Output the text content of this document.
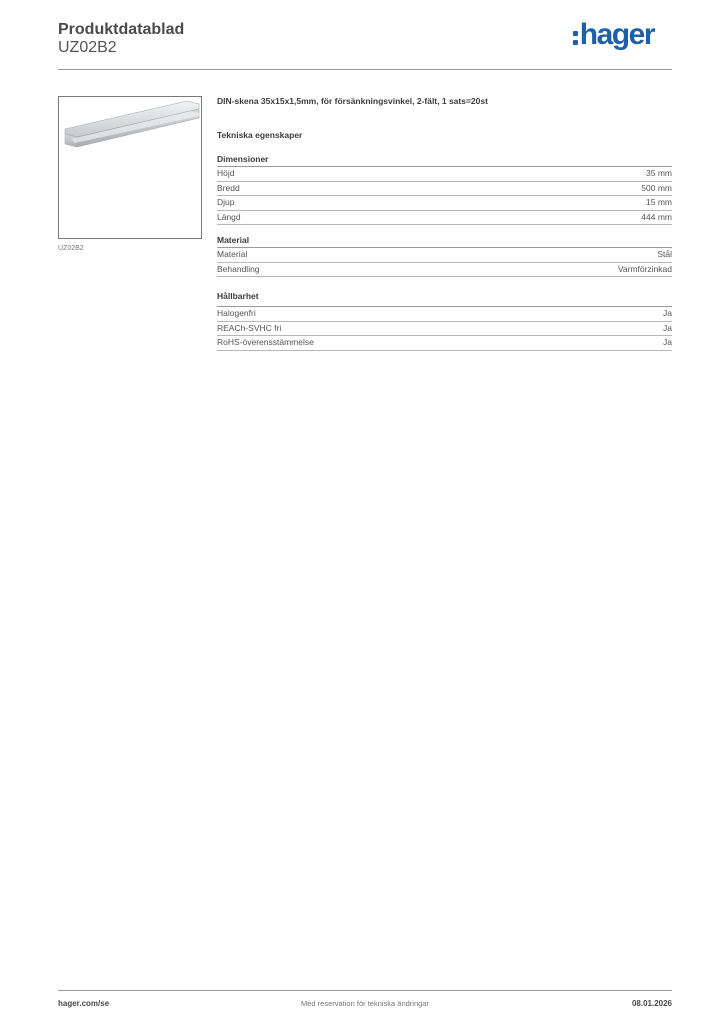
Produktdatablad
UZ02B2	hager
UZ02B2
DIN-skena 35x15x1,5mm, för försänkningsvinkel, 2-fält, 1 sats=20st
Tekniska egenskaper
Dimensioner
Höjd	35 mm
Bredd	500 mm
Djup	15 mm
Längd	444 mm
Material
Material	Stål
Behandling	Varmförzinkad
Hållbarhet
Halogenfri	Ja
REACh-SVHC fri	Ja
RoHS-överensstämmelse	Ja
hager.com/se	Med reservation för tekniska ändringar	08.01.2026
